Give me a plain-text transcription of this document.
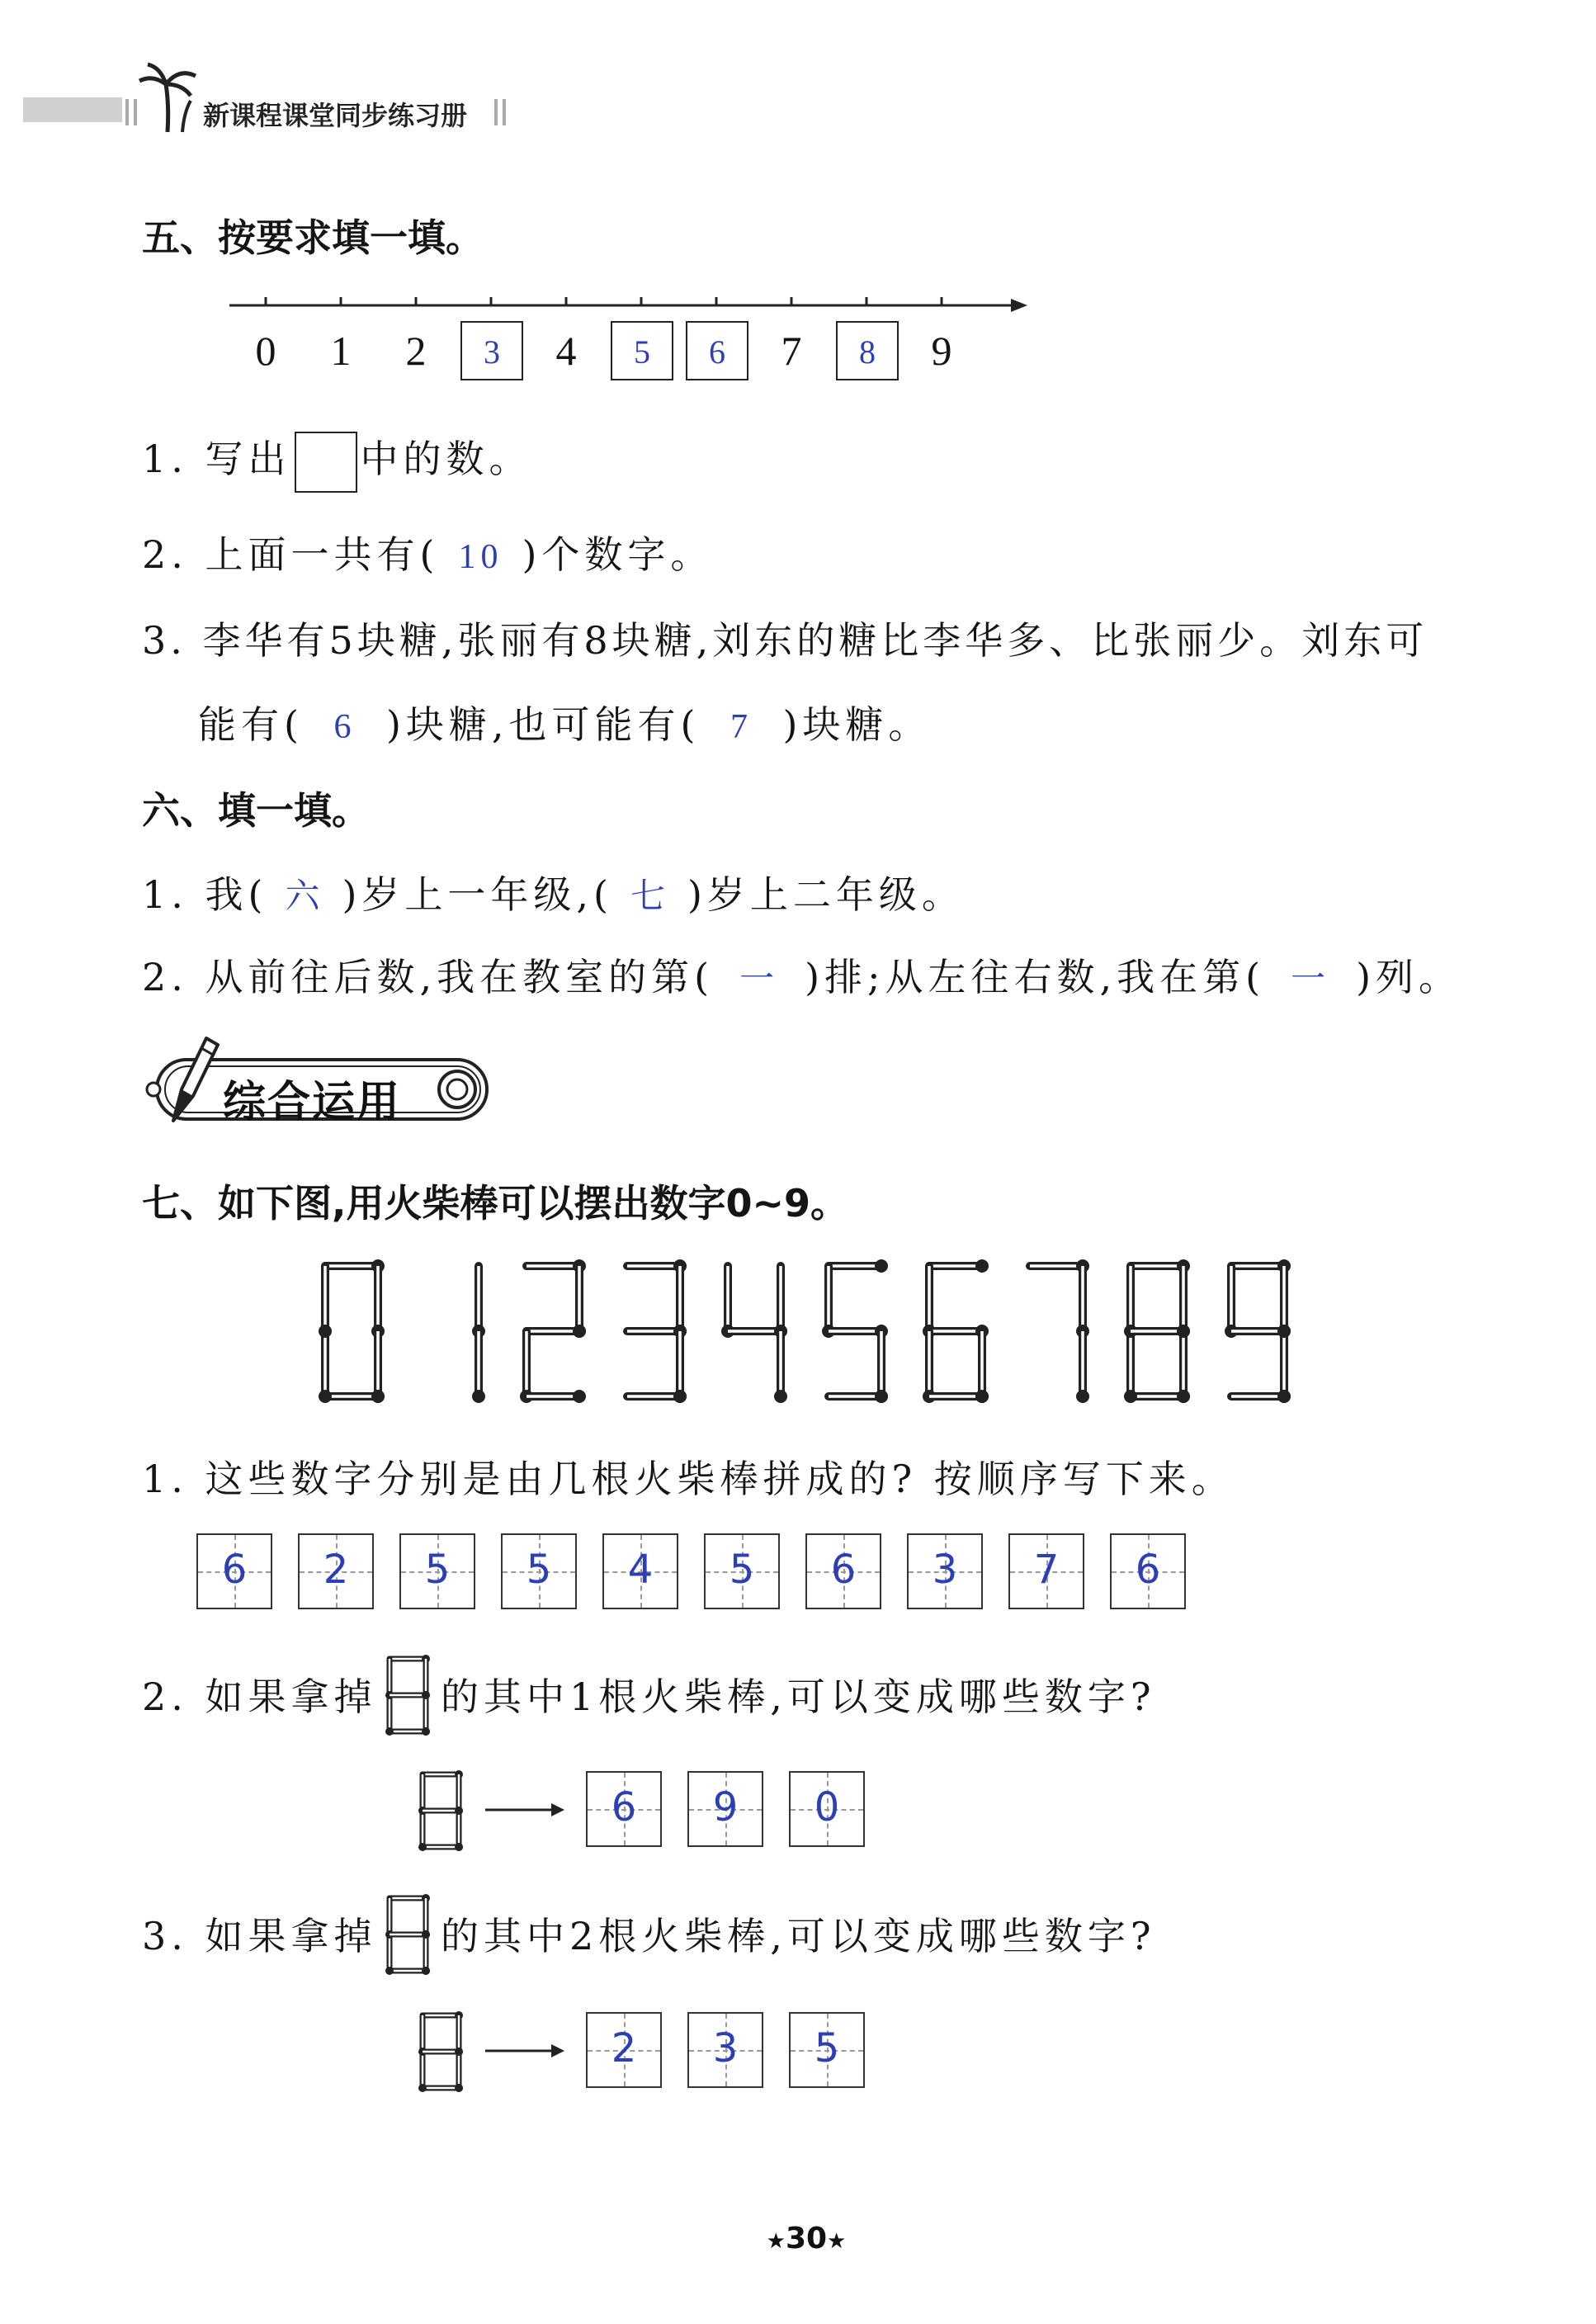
新课程课堂同步练习册
五、按要求填一填。
0	1	2	3	4	5	6	7	8	9
1. 写出 中的数。
2. 上面一共有( 10 )个数字。
3. 李华有5块糖,张丽有8块糖,刘东的糖比李华多、比张丽少。刘东可
能有( 6 )块糖,也可能有( 7 )块糖。
六、填一填。
1. 我( 六 )岁上一年级,( 七 )岁上二年级。
2. 从前往后数,我在教室的第( 一 )排;从左往右数,我在第( 一 )列。
综合运用
七、如下图,用火柴棒可以摆出数字0~9。
1. 这些数字分别是由几根火柴棒拼成的? 按顺序写下来。
6	2	5	5	4	5	6	3	7	6
2. 如果拿掉 的其中1根火柴棒,可以变成哪些数字?
6	9	0
3. 如果拿掉 的其中2根火柴棒,可以变成哪些数字?
2	3	5
★30★
